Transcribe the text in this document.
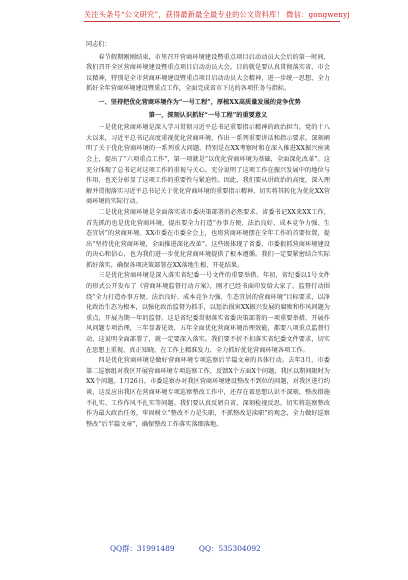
关注头条号“公文研究”，获得最新最全最专业的公文资料库！ 微信：gongwenyj
同志们：

春节假期刚刚结束，市里召开营商环境建设暨重点项目启动动员大会后的第一时间，我们召开全区营商环境建设暨重点项目启动动员大会。目的就是要认真贯彻落实省、市会议精神，特别是全市营商环境建设暨重点项目启动动员大会精神，进一步统一思想，全力抓好全年营商环境建设暨重点工作，全面完成省市下达的各项任务与指标。

一、坚持把优化营商环境作为“一号工程”，厚植XX高质量发展的竞争优势

第一，深刻认识抓好“一号工程”的重要意义

一是优化营商环境是深入学习贯彻习近平总书记重要指示精神的政治担当。党的十八大以来，习近平总书记高度重视优化营商环境，作出一系列重要讲话和指示要求。深刻阐明了关于优化营商环境的一系列重大问题。特别是在XX考察时和在深入推进XX振兴座谈会上，提出了“六项重点工作”，第一项就是“以优化营商环境为基础，全面深化改革”。这充分体现了总书记对这项工作的重视与关心。充分说明了这项工作在振兴发展中的地位与作用，也充分彰显了这项工作的重要性与紧迫性。因此，我们要从讲政治的高度，深入理解并贯彻落实习近平总书记关于优化营商环境的重要指示精神，切实将其转化为优化XX营商环境的实际行动。

二是优化营商环境是全面落实省市委决策部署的必然要求。省委书记XX来XX工作，首先抓的也是优化营商环境，提出要全力打造“办事方便、法治良好、成本竞争力强、生态宜居”的营商环境。XX市委在市委全会上，也将营商环境摆在全年工作的首要位置，提出“坚持优化营商环境，全面推进深化改革”。这些既体现了省委、市委狠抓营商环境建设的决心和信心，也为我们进一步优化营商环境提供了根本遵循。我们一定要紧密结合实际抓好落实，确保各项决策部署在XX落地生根、开花结果。

三是优化营商环境是深入落实省纪委一号文件的重要举措。年初，省纪委以1号文件的形式公开发布了《营商环境监督行动方案》，刚才已经书面印发给大家了。监督行动围绕“全力打造办事方便、法治良好、成本竞争力强、生态宜居的营商环境”目标要求，以净化政治生态为根本，以强化政治监督为抓手，以惩治损害XX振兴发展的腐败和作风问题为重点，开展为期一年的监督。这是省纪委贯彻落实省委决策部署的一项重要举措，开展作风问题专项治理，三年显著见效，五年全面优化营商环境治理效能，都要八项重点监督行动，这说明全面部署了，就一定要深入落实。我们要不折不扣落实省纪委文件要求，切实在思想上重视、真正知晓，在工作上精准发力，全力抓好优化营商环境各项工作。

四是优化营商环境是做好营商环境专项巡察后半篇文章的具体行动。去年3月，市委第二巡察组对我区开展营商环境专项巡察工作，反馈X个方面X个问题，我区以期间限时为XX个问题。1月26日，市委巡察办对我区营商环境建设整改不到位的问题，对我区进行约谈，这反应出我区在营商环境专项巡察整改工作中，还存在着思想认识不深刻、整改措施不扎实、工作作风不扎实等问题。我们要认真反躬自省，深刻检视反思，切实将巡察整改作为最大政治任务，牢固树立“整改不力是失职，不抓整改是渎职”的观念，全力做好巡察整改“后半篇文章”，确保整改工作落实落细落地。

QQ群：31991489	QQ：535304092
